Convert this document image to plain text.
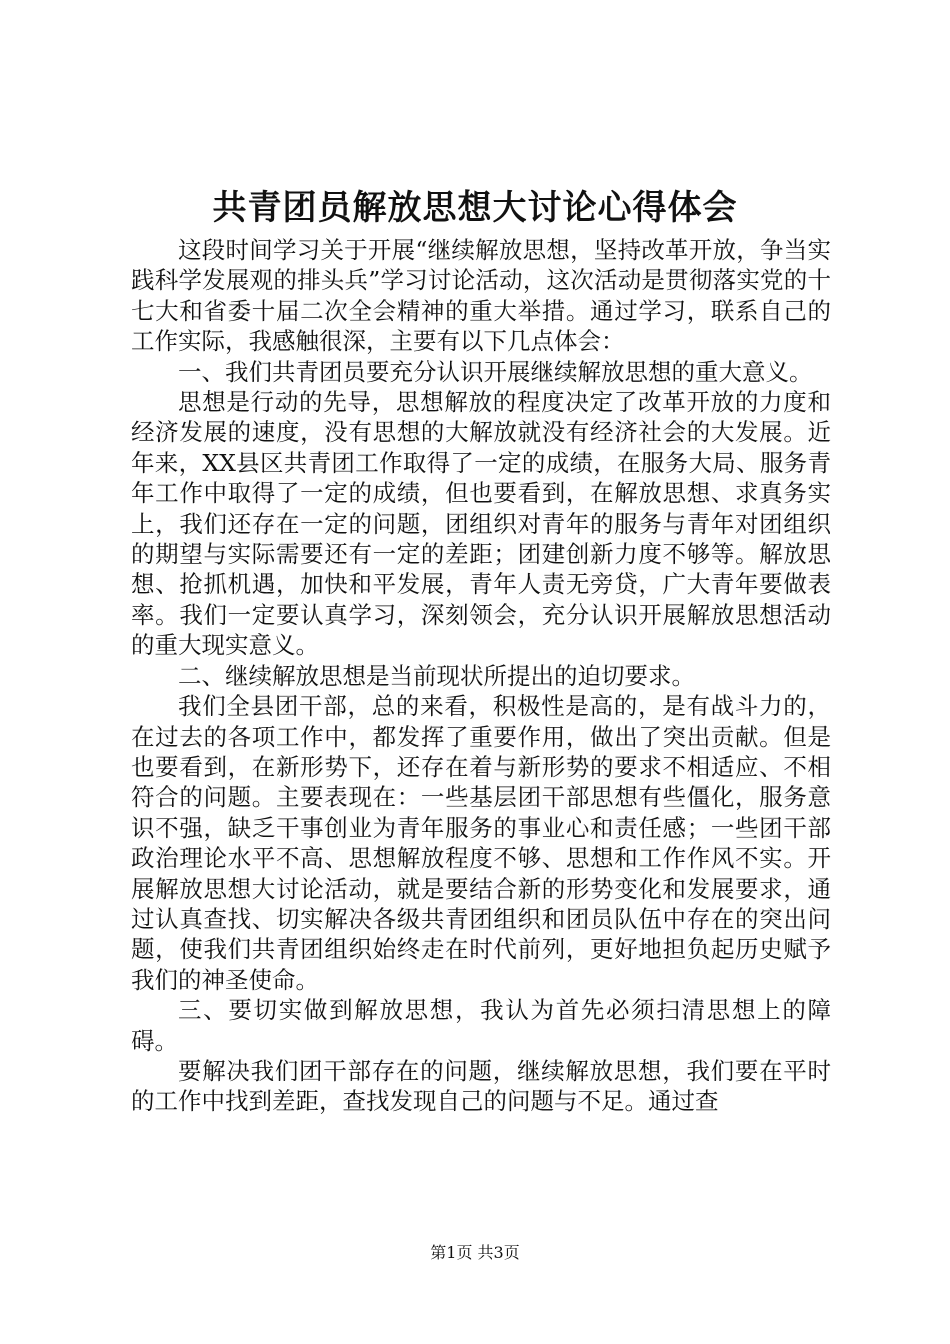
共青团员解放思想大讨论心得体会

这段时间学习关于开展“继续解放思想，坚持改革开放，争当实践科学发展观的排头兵”学习讨论活动，这次活动是贯彻落实党的十七大和省委十届二次全会精神的重大举措。通过学习，联系自己的工作实际，我感触很深，主要有以下几点体会：

一、我们共青团员要充分认识开展继续解放思想的重大意义。

思想是行动的先导，思想解放的程度决定了改革开放的力度和经济发展的速度，没有思想的大解放就没有经济社会的大发展。近年来，XX县区共青团工作取得了一定的成绩，在服务大局、服务青年工作中取得了一定的成绩，但也要看到，在解放思想、求真务实上，我们还存在一定的问题，团组织对青年的服务与青年对团组织的期望与实际需要还有一定的差距；团建创新力度不够等。解放思想、抢抓机遇，加快和平发展，青年人责无旁贷，广大青年要做表率。我们一定要认真学习，深刻领会，充分认识开展解放思想活动的重大现实意义。

二、继续解放思想是当前现状所提出的迫切要求。

我们全县团干部，总的来看，积极性是高的，是有战斗力的，在过去的各项工作中，都发挥了重要作用，做出了突出贡献。但是也要看到，在新形势下，还存在着与新形势的要求不相适应、不相符合的问题。主要表现在：一些基层团干部思想有些僵化，服务意识不强，缺乏干事创业为青年服务的事业心和责任感；一些团干部政治理论水平不高、思想解放程度不够、思想和工作作风不实。开展解放思想大讨论活动，就是要结合新的形势变化和发展要求，通过认真查找、切实解决各级共青团组织和团员队伍中存在的突出问题，使我们共青团组织始终走在时代前列，更好地担负起历史赋予我们的神圣使命。

三、要切实做到解放思想，我认为首先必须扫清思想上的障碍。

要解决我们团干部存在的问题，继续解放思想，我们要在平时的工作中找到差距，查找发现自己的问题与不足。通过查

第1页 共3页
